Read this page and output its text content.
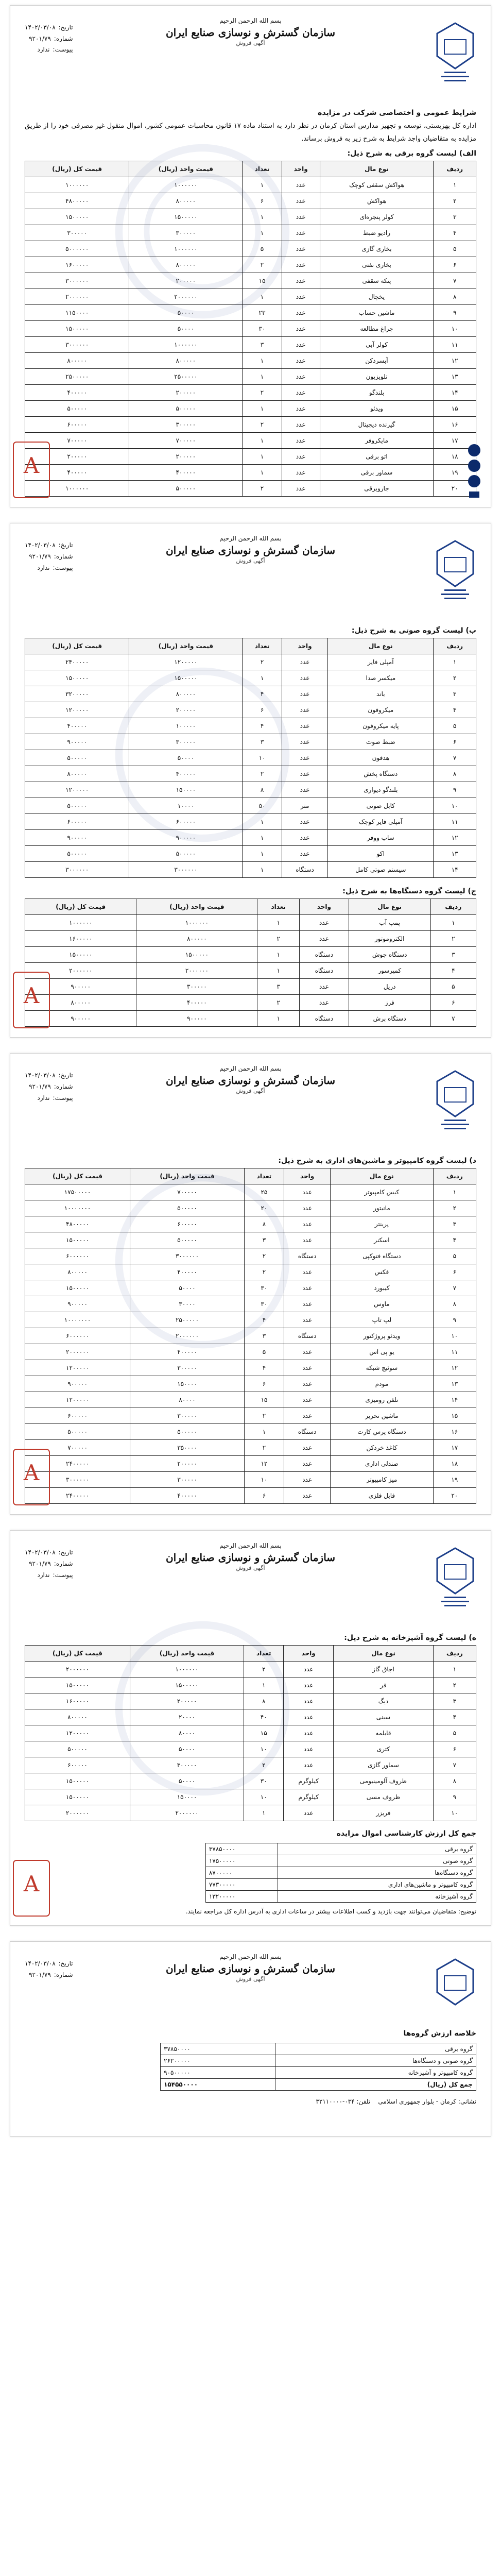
بسم الله الرحمن الرحیم
سازمان گسترش و نوسازی صنایع ایران
آگهی فروش
تاریخ:
۱۴۰۲/۰۳/۰۸
شماره:
۹۲۰۱/۷۹
پیوست:
ندارد
شرایط عمومی و اختصاصی شرکت در مزایده
اداره کل بهزیستی، توسعه و تجهیز مدارس استان کرمان در نظر دارد به استناد ماده ۱۷ قانون محاسبات عمومی کشور، اموال منقول غیر مصرفی خود را از طریق مزایده به متقاضیان واجد شرایط به شرح زیر به فروش برساند.
الف) لیست گروه برقی به شرح ذیل:
ردیف	نوع مال	واحد	تعداد	قیمت واحد (ریال)	قیمت کل (ریال)
۱	هواکش سقفی کوچک	عدد	۱	۱۰۰۰۰۰۰	۱۰۰۰۰۰۰
۲	هواکش	عدد	۶	۸۰۰۰۰۰	۴۸۰۰۰۰۰
۳	کولر پنجره‌ای	عدد	۱	۱۵۰۰۰۰۰	۱۵۰۰۰۰۰
۴	رادیو ضبط	عدد	۱	۳۰۰۰۰۰	۳۰۰۰۰۰
۵	بخاری گازی	عدد	۵	۱۰۰۰۰۰۰	۵۰۰۰۰۰۰
۶	بخاری نفتی	عدد	۲	۸۰۰۰۰۰	۱۶۰۰۰۰۰
۷	پنکه سقفی	عدد	۱۵	۲۰۰۰۰۰	۳۰۰۰۰۰۰
۸	یخچال	عدد	۱	۲۰۰۰۰۰۰	۲۰۰۰۰۰۰
۹	ماشین حساب	عدد	۲۳	۵۰۰۰۰	۱۱۵۰۰۰۰
۱۰	چراغ مطالعه	عدد	۳۰	۵۰۰۰۰	۱۵۰۰۰۰۰
۱۱	کولر آبی	عدد	۳	۱۰۰۰۰۰۰	۳۰۰۰۰۰۰
۱۲	آبسردکن	عدد	۱	۸۰۰۰۰۰	۸۰۰۰۰۰
۱۳	تلویزیون	عدد	۱	۲۵۰۰۰۰۰	۲۵۰۰۰۰۰
۱۴	بلندگو	عدد	۲	۲۰۰۰۰۰	۴۰۰۰۰۰
۱۵	ویدئو	عدد	۱	۵۰۰۰۰۰	۵۰۰۰۰۰
۱۶	گیرنده دیجیتال	عدد	۲	۳۰۰۰۰۰	۶۰۰۰۰۰
۱۷	مایکروفر	عدد	۱	۷۰۰۰۰۰	۷۰۰۰۰۰
۱۸	اتو برقی	عدد	۱	۲۰۰۰۰۰	۲۰۰۰۰۰
۱۹	سماور برقی	عدد	۱	۴۰۰۰۰۰	۴۰۰۰۰۰
۲۰	جاروبرقی	عدد	۲	۵۰۰۰۰۰	۱۰۰۰۰۰۰
A
بسم الله الرحمن الرحیم
سازمان گسترش و نوسازی صنایع ایران
آگهی فروش
تاریخ:
۱۴۰۲/۰۳/۰۸
شماره:
۹۲۰۱/۷۹
پیوست:
ندارد
ب) لیست گروه صوتی به شرح ذیل:
ردیف	نوع مال	واحد	تعداد	قیمت واحد (ریال)	قیمت کل (ریال)
۱	آمپلی فایر	عدد	۲	۱۲۰۰۰۰۰	۲۴۰۰۰۰۰
۲	میکسر صدا	عدد	۱	۱۵۰۰۰۰۰	۱۵۰۰۰۰۰
۳	باند	عدد	۴	۸۰۰۰۰۰	۳۲۰۰۰۰۰
۴	میکروفون	عدد	۶	۲۰۰۰۰۰	۱۲۰۰۰۰۰
۵	پایه میکروفون	عدد	۴	۱۰۰۰۰۰	۴۰۰۰۰۰
۶	ضبط صوت	عدد	۳	۳۰۰۰۰۰	۹۰۰۰۰۰
۷	هدفون	عدد	۱۰	۵۰۰۰۰	۵۰۰۰۰۰
۸	دستگاه پخش	عدد	۲	۴۰۰۰۰۰	۸۰۰۰۰۰
۹	بلندگو دیواری	عدد	۸	۱۵۰۰۰۰	۱۲۰۰۰۰۰
۱۰	کابل صوتی	متر	۵۰	۱۰۰۰۰	۵۰۰۰۰۰
۱۱	آمپلی فایر کوچک	عدد	۱	۶۰۰۰۰۰	۶۰۰۰۰۰
۱۲	ساب ووفر	عدد	۱	۹۰۰۰۰۰	۹۰۰۰۰۰
۱۳	اکو	عدد	۱	۵۰۰۰۰۰	۵۰۰۰۰۰
۱۴	سیستم صوتی کامل	دستگاه	۱	۳۰۰۰۰۰۰	۳۰۰۰۰۰۰
ج) لیست گروه دستگاه‌ها به شرح ذیل:
ردیف	نوع مال	واحد	تعداد	قیمت واحد (ریال)	قیمت کل (ریال)
۱	پمپ آب	عدد	۱	۱۰۰۰۰۰۰	۱۰۰۰۰۰۰
۲	الکتروموتور	عدد	۲	۸۰۰۰۰۰	۱۶۰۰۰۰۰
۳	دستگاه جوش	دستگاه	۱	۱۵۰۰۰۰۰	۱۵۰۰۰۰۰
۴	کمپرسور	دستگاه	۱	۲۰۰۰۰۰۰	۲۰۰۰۰۰۰
۵	دریل	عدد	۳	۳۰۰۰۰۰	۹۰۰۰۰۰
۶	فرز	عدد	۲	۴۰۰۰۰۰	۸۰۰۰۰۰
۷	دستگاه برش	دستگاه	۱	۹۰۰۰۰۰	۹۰۰۰۰۰
A
بسم الله الرحمن الرحیم
سازمان گسترش و نوسازی صنایع ایران
آگهی فروش
تاریخ:
۱۴۰۲/۰۳/۰۸
شماره:
۹۲۰۱/۷۹
پیوست:
ندارد
د) لیست گروه کامپیوتر و ماشین‌های اداری به شرح ذیل:
ردیف	نوع مال	واحد	تعداد	قیمت واحد (ریال)	قیمت کل (ریال)
۱	کیس کامپیوتر	عدد	۲۵	۷۰۰۰۰۰	۱۷۵۰۰۰۰۰
۲	مانیتور	عدد	۲۰	۵۰۰۰۰۰	۱۰۰۰۰۰۰۰
۳	پرینتر	عدد	۸	۶۰۰۰۰۰	۴۸۰۰۰۰۰
۴	اسکنر	عدد	۳	۵۰۰۰۰۰	۱۵۰۰۰۰۰
۵	دستگاه فتوکپی	دستگاه	۲	۳۰۰۰۰۰۰	۶۰۰۰۰۰۰
۶	فکس	عدد	۲	۴۰۰۰۰۰	۸۰۰۰۰۰
۷	کیبورد	عدد	۳۰	۵۰۰۰۰	۱۵۰۰۰۰۰
۸	ماوس	عدد	۳۰	۳۰۰۰۰	۹۰۰۰۰۰
۹	لپ تاپ	عدد	۴	۲۵۰۰۰۰۰	۱۰۰۰۰۰۰۰
۱۰	ویدئو پروژکتور	دستگاه	۳	۲۰۰۰۰۰۰	۶۰۰۰۰۰۰
۱۱	یو پی اس	عدد	۵	۴۰۰۰۰۰	۲۰۰۰۰۰۰
۱۲	سوئیچ شبکه	عدد	۴	۳۰۰۰۰۰	۱۲۰۰۰۰۰
۱۳	مودم	عدد	۶	۱۵۰۰۰۰	۹۰۰۰۰۰
۱۴	تلفن رومیزی	عدد	۱۵	۸۰۰۰۰	۱۲۰۰۰۰۰
۱۵	ماشین تحریر	عدد	۲	۳۰۰۰۰۰	۶۰۰۰۰۰
۱۶	دستگاه پرس کارت	دستگاه	۱	۵۰۰۰۰۰	۵۰۰۰۰۰
۱۷	کاغذ خردکن	عدد	۲	۳۵۰۰۰۰	۷۰۰۰۰۰
۱۸	صندلی اداری	عدد	۱۲	۲۰۰۰۰۰	۲۴۰۰۰۰۰
۱۹	میز کامپیوتر	عدد	۱۰	۳۰۰۰۰۰	۳۰۰۰۰۰۰
۲۰	فایل فلزی	عدد	۶	۴۰۰۰۰۰	۲۴۰۰۰۰۰
A
بسم الله الرحمن الرحیم
سازمان گسترش و نوسازی صنایع ایران
آگهی فروش
تاریخ:
۱۴۰۲/۰۳/۰۸
شماره:
۹۲۰۱/۷۹
پیوست:
ندارد
ه) لیست گروه آشپزخانه به شرح ذیل:
ردیف	نوع مال	واحد	تعداد	قیمت واحد (ریال)	قیمت کل (ریال)
۱	اجاق گاز	عدد	۲	۱۰۰۰۰۰۰	۲۰۰۰۰۰۰
۲	فر	عدد	۱	۱۵۰۰۰۰۰	۱۵۰۰۰۰۰
۳	دیگ	عدد	۸	۲۰۰۰۰۰	۱۶۰۰۰۰۰
۴	سینی	عدد	۴۰	۲۰۰۰۰	۸۰۰۰۰۰
۵	قابلمه	عدد	۱۵	۸۰۰۰۰	۱۲۰۰۰۰۰
۶	کتری	عدد	۱۰	۵۰۰۰۰	۵۰۰۰۰۰
۷	سماور گازی	عدد	۲	۳۰۰۰۰۰	۶۰۰۰۰۰
۸	ظروف آلومینیومی	کیلوگرم	۳۰	۵۰۰۰۰	۱۵۰۰۰۰۰
۹	ظروف مسی	کیلوگرم	۱۰	۱۵۰۰۰۰	۱۵۰۰۰۰۰
۱۰	فریزر	عدد	۱	۲۰۰۰۰۰۰	۲۰۰۰۰۰۰
جمع کل ارزش کارشناسی اموال مزایده
گروه برقی	۳۷۸۵۰۰۰۰
گروه صوتی	۱۷۵۰۰۰۰۰
گروه دستگاه‌ها	۸۷۰۰۰۰۰
گروه کامپیوتر و ماشین‌های اداری	۷۷۳۰۰۰۰۰
گروه آشپزخانه	۱۳۲۰۰۰۰۰
توضیح: متقاضیان می‌توانند جهت بازدید و کسب اطلاعات بیشتر در ساعات اداری به آدرس اداره کل مراجعه نمایند.
A
بسم الله الرحمن الرحیم
سازمان گسترش و نوسازی صنایع ایران
آگهی فروش
تاریخ:
۱۴۰۲/۰۳/۰۸
شماره:
۹۲۰۱/۷۹
خلاصه ارزش گروه‌ها
گروه برقی	۳۷۸۵۰۰۰۰
گروه صوتی و دستگاه‌ها	۲۶۲۰۰۰۰۰
گروه کامپیوتر و آشپزخانه	۹۰۵۰۰۰۰۰
جمع کل (ریال)	۱۵۴۵۵۰۰۰۰
نشانی: کرمان - بلوار جمهوری اسلامی    تلفن: ۰۳۴-۳۲۱۱۰۰۰۰
